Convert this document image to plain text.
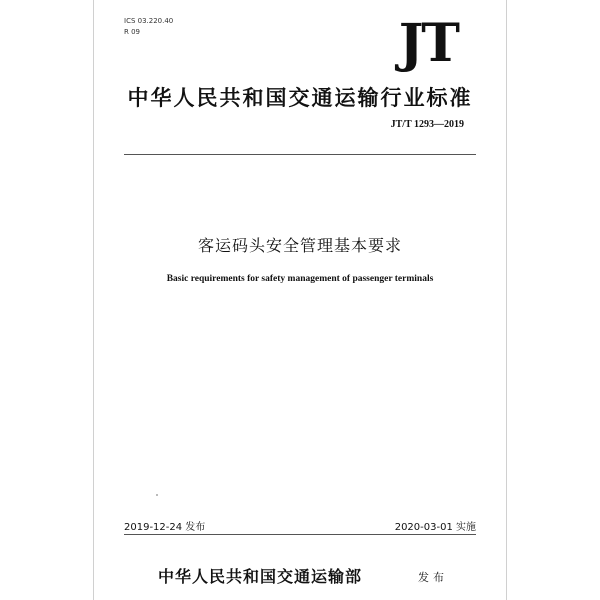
ICS 03.220.40
R 09	JT
中华人民共和国交通运输行业标准
JT/T 1293—2019
客运码头安全管理基本要求
Basic requirements for safety management of passenger terminals
2019-12-24 发布	2020-03-01 实施
中华人民共和国交通运输部	发布
